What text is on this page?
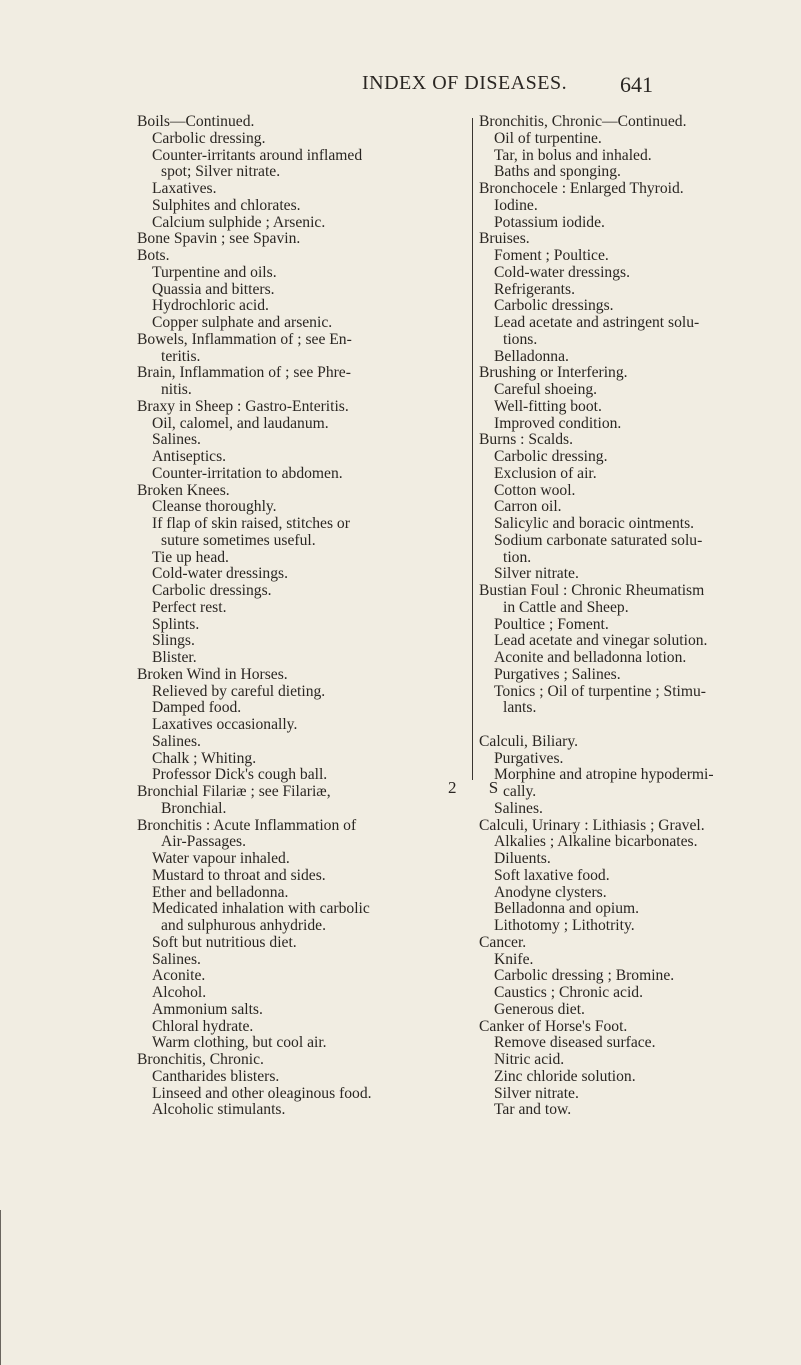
INDEX OF DISEASES. 641
Boils—Continued.
Carbolic dressing.
Counter-irritants around inflamed
spot; Silver nitrate.
Laxatives.
Sulphites and chlorates.
Calcium sulphide ; Arsenic.
Bone Spavin ; see Spavin.
Bots.
Turpentine and oils.
Quassia and bitters.
Hydrochloric acid.
Copper sulphate and arsenic.
Bowels, Inflammation of ; see En-
teritis.
Brain, Inflammation of ; see Phre-
nitis.
Braxy in Sheep : Gastro-Enteritis.
Oil, calomel, and laudanum.
Salines.
Antiseptics.
Counter-irritation to abdomen.
Broken Knees.
Cleanse thoroughly.
If flap of skin raised, stitches or
suture sometimes useful.
Tie up head.
Cold-water dressings.
Carbolic dressings.
Perfect rest.
Splints.
Slings.
Blister.
Broken Wind in Horses.
Relieved by careful dieting.
Damped food.
Laxatives occasionally.
Salines.
Chalk ; Whiting.
Professor Dick's cough ball.
Bronchial Filariæ ; see Filariæ,
Bronchial.
Bronchitis : Acute Inflammation of
Air-Passages.
Water vapour inhaled.
Mustard to throat and sides.
Ether and belladonna.
Medicated inhalation with carbolic
and sulphurous anhydride.
Soft but nutritious diet.
Salines.
Aconite.
Alcohol.
Ammonium salts.
Chloral hydrate.
Warm clothing, but cool air.
Bronchitis, Chronic.
Cantharides blisters.
Linseed and other oleaginous food.
Alcoholic stimulants.
Bronchitis, Chronic—Continued.
Oil of turpentine.
Tar, in bolus and inhaled.
Baths and sponging.
Bronchocele : Enlarged Thyroid.
Iodine.
Potassium iodide.
Bruises.
Foment ; Poultice.
Cold-water dressings.
Refrigerants.
Carbolic dressings.
Lead acetate and astringent solu-
tions.
Belladonna.
Brushing or Interfering.
Careful shoeing.
Well-fitting boot.
Improved condition.
Burns : Scalds.
Carbolic dressing.
Exclusion of air.
Cotton wool.
Carron oil.
Salicylic and boracic ointments.
Sodium carbonate saturated solu-
tion.
Silver nitrate.
Bustian Foul : Chronic Rheumatism
in Cattle and Sheep.
Poultice ; Foment.
Lead acetate and vinegar solution.
Aconite and belladonna lotion.
Purgatives ; Salines.
Tonics ; Oil of turpentine ; Stimu-
lants.
Calculi, Biliary.
Purgatives.
Morphine and atropine hypodermi-
cally.
Salines.
Calculi, Urinary : Lithiasis ; Gravel.
Alkalies ; Alkaline bicarbonates.
Diluents.
Soft laxative food.
Anodyne clysters.
Belladonna and opium.
Lithotomy ; Lithotrity.
Cancer.
Knife.
Carbolic dressing ; Bromine.
Caustics ; Chronic acid.
Generous diet.
Canker of Horse's Foot.
Remove diseased surface.
Nitric acid.
Zinc chloride solution.
Silver nitrate.
Tar and tow.
2 S
